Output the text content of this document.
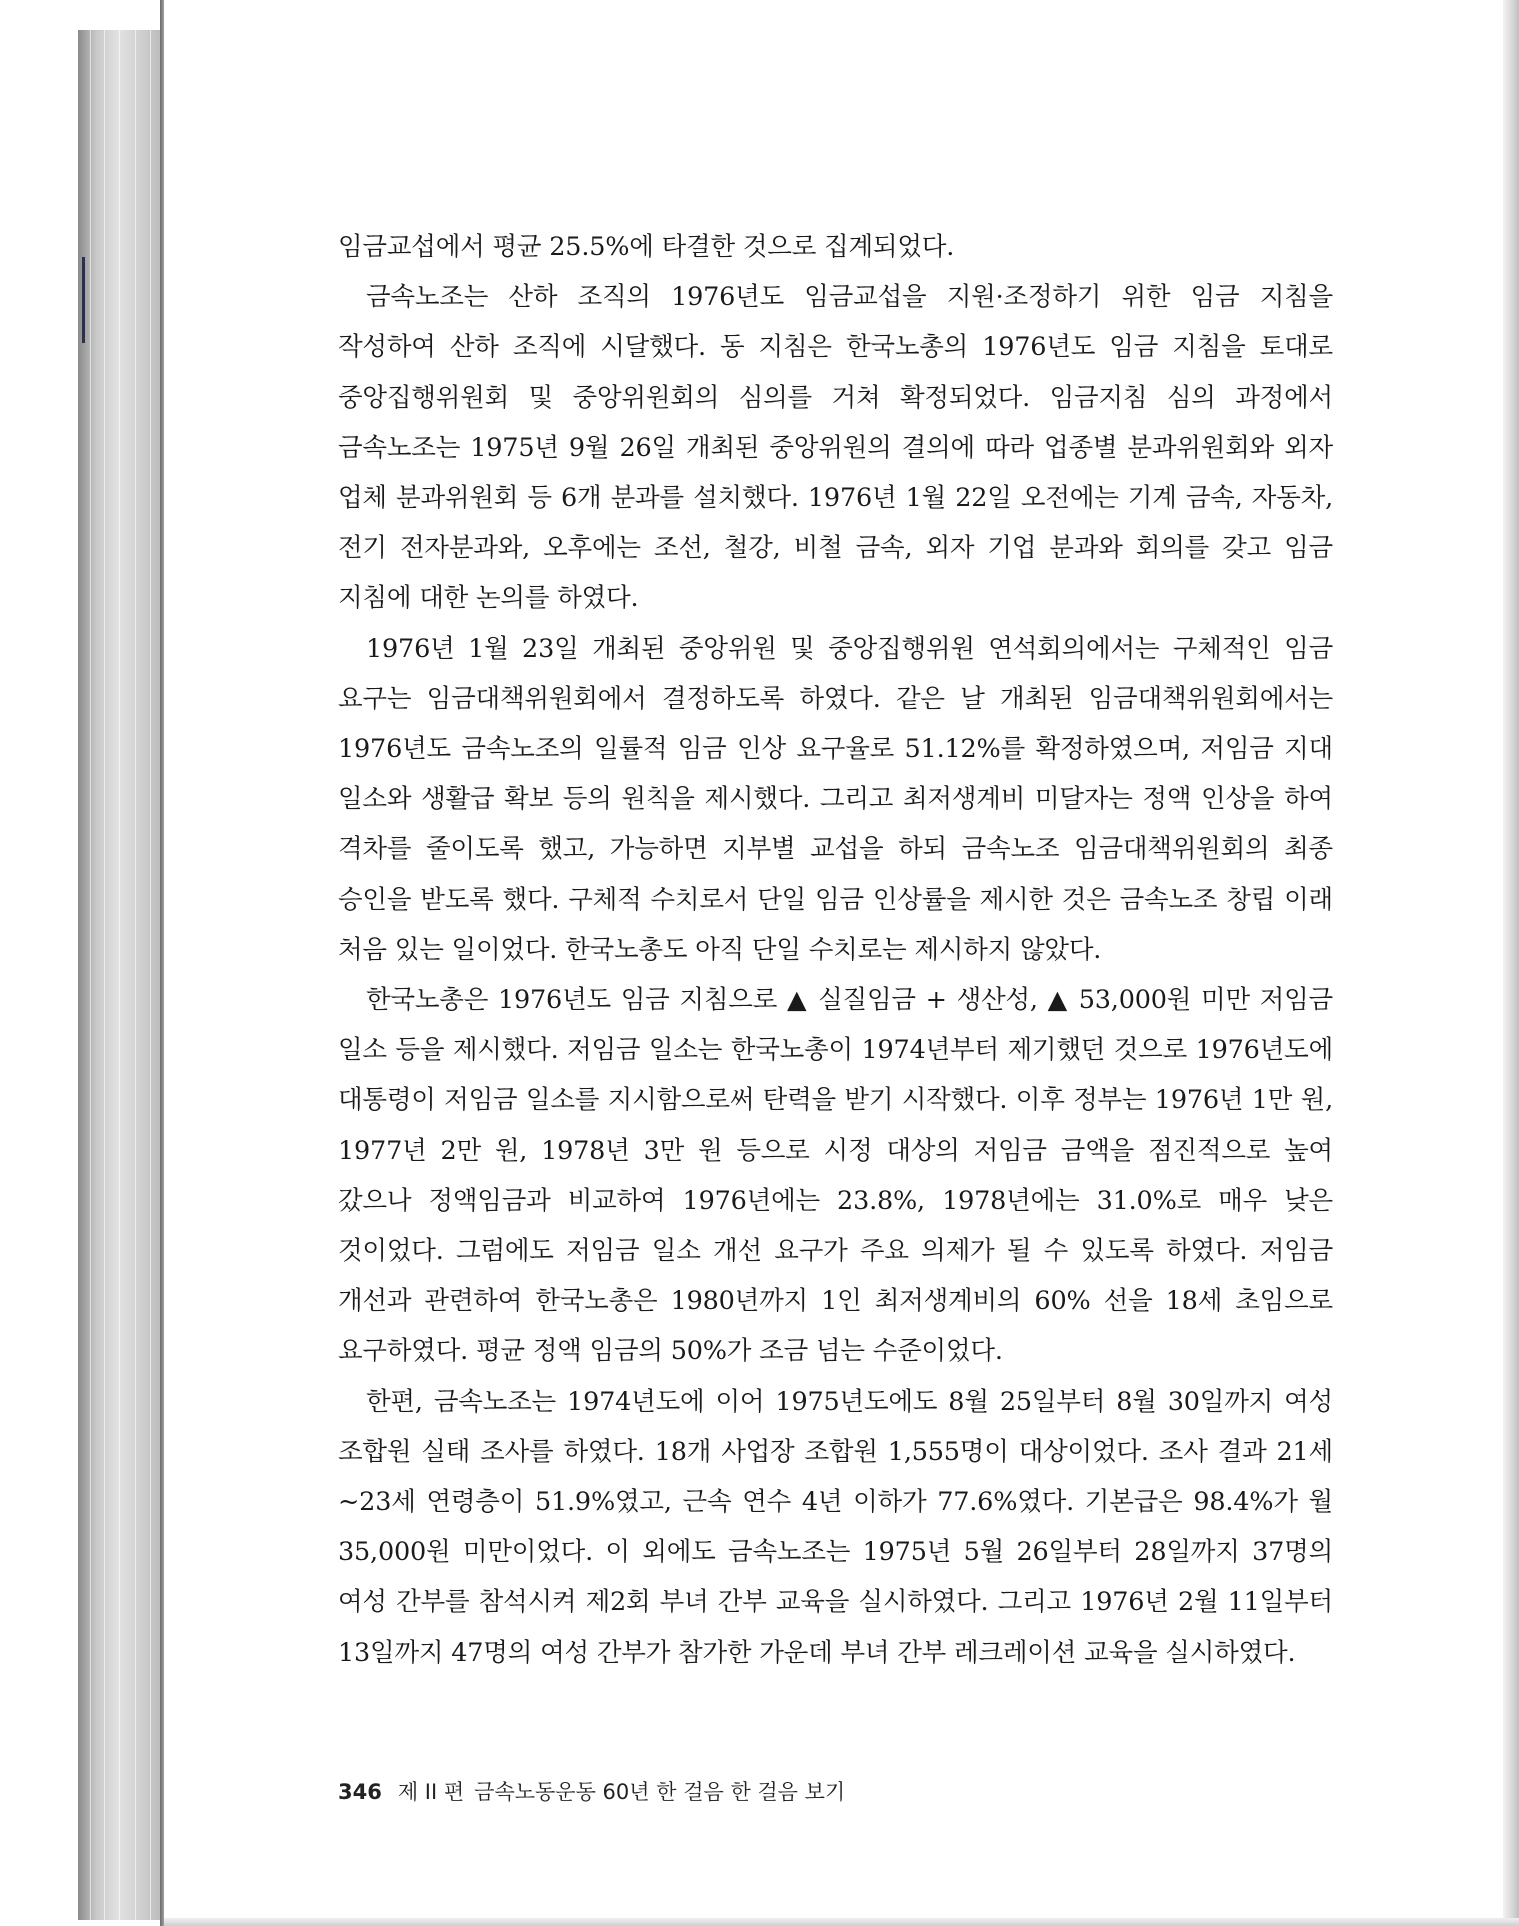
임금교섭에서 평균 25.5%에 타결한 것으로 집계되었다.

금속노조는 산하 조직의 1976년도 임금교섭을 지원·조정하기 위한 임금 지침을 작성하여 산하 조직에 시달했다. 동 지침은 한국노총의 1976년도 임금 지침을 토대로 중앙집행위원회 및 중앙위원회의 심의를 거쳐 확정되었다. 임금지침 심의 과정에서 금속노조는 1975년 9월 26일 개최된 중앙위원의 결의에 따라 업종별 분과위원회와 외자 업체 분과위원회 등 6개 분과를 설치했다. 1976년 1월 22일 오전에는 기계 금속, 자동차, 전기 전자분과와, 오후에는 조선, 철강, 비철 금속, 외자 기업 분과와 회의를 갖고 임금 지침에 대한 논의를 하였다.

1976년 1월 23일 개최된 중앙위원 및 중앙집행위원 연석회의에서는 구체적인 임금 요구는 임금대책위원회에서 결정하도록 하였다. 같은 날 개최된 임금대책위원회에서는 1976년도 금속노조의 일률적 임금 인상 요구율로 51.12%를 확정하였으며, 저임금 지대 일소와 생활급 확보 등의 원칙을 제시했다. 그리고 최저생계비 미달자는 정액 인상을 하여 격차를 줄이도록 했고, 가능하면 지부별 교섭을 하되 금속노조 임금대책위원회의 최종 승인을 받도록 했다. 구체적 수치로서 단일 임금 인상률을 제시한 것은 금속노조 창립 이래 처음 있는 일이었다. 한국노총도 아직 단일 수치로는 제시하지 않았다.

한국노총은 1976년도 임금 지침으로 ▲ 실질임금 + 생산성, ▲ 53,000원 미만 저임금 일소 등을 제시했다. 저임금 일소는 한국노총이 1974년부터 제기했던 것으로 1976년도에 대통령이 저임금 일소를 지시함으로써 탄력을 받기 시작했다. 이후 정부는 1976년 1만 원, 1977년 2만 원, 1978년 3만 원 등으로 시정 대상의 저임금 금액을 점진적으로 높여 갔으나 정액임금과 비교하여 1976년에는 23.8%, 1978년에는 31.0%로 매우 낮은 것이었다. 그럼에도 저임금 일소 개선 요구가 주요 의제가 될 수 있도록 하였다. 저임금 개선과 관련하여 한국노총은 1980년까지 1인 최저생계비의 60% 선을 18세 초임으로 요구하였다. 평균 정액 임금의 50%가 조금 넘는 수준이었다.

한편, 금속노조는 1974년도에 이어 1975년도에도 8월 25일부터 8월 30일까지 여성 조합원 실태 조사를 하였다. 18개 사업장 조합원 1,555명이 대상이었다. 조사 결과 21세~23세 연령층이 51.9%였고, 근속 연수 4년 이하가 77.6%였다. 기본급은 98.4%가 월 35,000원 미만이었다. 이 외에도 금속노조는 1975년 5월 26일부터 28일까지 37명의 여성 간부를 참석시켜 제2회 부녀 간부 교육을 실시하였다. 그리고 1976년 2월 11일부터 13일까지 47명의 여성 간부가 참가한 가운데 부녀 간부 레크레이션 교육을 실시하였다.

346 제 II 편 금속노동운동 60년 한 걸음 한 걸음 보기
